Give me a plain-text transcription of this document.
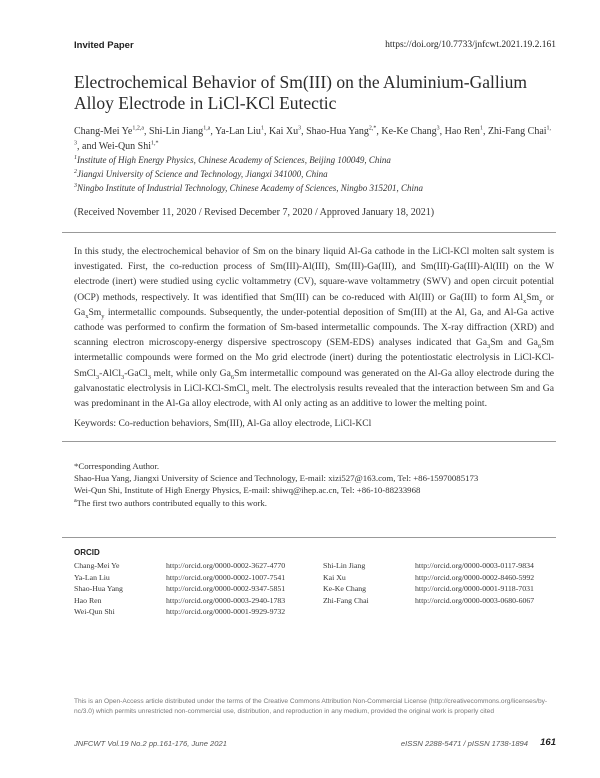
Invited Paper	https://doi.org/10.7733/jnfcwt.2021.19.2.161
Electrochemical Behavior of Sm(III) on the Aluminium-Gallium Alloy Electrode in LiCl-KCl Eutectic
Chang-Mei Ye$^{1,2,a}$, Shi-Lin Jiang$^{1,a}$, Ya-Lan Liu$^1$, Kai Xu$^3$, Shao-Hua Yang$^{2,*}$, Ke-Ke Chang$^3$, Hao Ren$^1$, Zhi-Fang Chai$^{1, 3}$, and Wei-Qun Shi$^{1,*}$
$^1$Institute of High Energy Physics, Chinese Academy of Sciences, Beijing 100049, China
$^2$Jiangxi University of Science and Technology, Jiangxi 341000, China
$^3$Ningbo Institute of Industrial Technology, Chinese Academy of Sciences, Ningbo 315201, China
(Received November 11, 2020 / Revised December 7, 2020 / Approved January 18, 2021)
In this study, the electrochemical behavior of Sm on the binary liquid Al-Ga cathode in the LiCl-KCl molten salt system is investigated. First, the co-reduction process of Sm(III)-Al(III), Sm(III)-Ga(III), and Sm(III)-Ga(III)-Al(III) on the W electrode (inert) were studied using cyclic voltammetry (CV), square-wave voltammetry (SWV) and open circuit potential (OCP) methods, respectively. It was identified that Sm(III) can be co-reduced with Al(III) or Ga(III) to form $Al_xSm_y$ or $Ga_xSm_y$ intermetallic compounds. Subsequently, the under-potential deposition of Sm(III) at the Al, Ga, and Al-Ga active cathode was performed to confirm the formation of Sm-based intermetallic compounds. The X-ray diffraction (XRD) and scanning electron microscopy-energy dispersive spectroscopy (SEM-EDS) analyses indicated that $Ga_3Sm$ and $Ga_6Sm$ intermetallic compounds were formed on the Mo grid electrode (inert) during the potentiostatic electrolysis in LiCl-KCl-SmCl$_3$-AlCl$_3$-GaCl$_3$ melt, while only $Ga_6Sm$ intermetallic compound was generated on the Al-Ga alloy electrode during the galvanostatic electrolysis in LiCl-KCl-SmCl$_3$ melt. The electrolysis results revealed that the interaction between Sm and Ga was predominant in the Al-Ga alloy electrode, with Al only acting as an additive to lower the melting point.
Keywords: Co-reduction behaviors, Sm(III), Al-Ga alloy electrode, LiCl-KCl
*Corresponding Author.
Shao-Hua Yang, Jiangxi University of Science and Technology, E-mail: xizi527@163.com, Tel: +86-15970085173
Wei-Qun Shi, Institute of High Energy Physics, E-mail: shiwq@ihep.ac.cn, Tel: +86-10-88233968
$^a$The first two authors contributed equally to this work.
ORCID
Chang-Mei Ye	http://orcid.org/0000-0002-3627-4770	Shi-Lin Jiang	http://orcid.org/0000-0003-0117-9834
Ya-Lan Liu	http://orcid.org/0000-0002-1007-7541	Kai Xu	http://orcid.org/0000-0002-8460-5992
Shao-Hua Yang	http://orcid.org/0000-0002-9347-5851	Ke-Ke Chang	http://orcid.org/0000-0001-9118-7031
Hao Ren	http://orcid.org/0000-0003-2940-1783	Zhi-Fang Chai	http://orcid.org/0000-0003-0680-6067
Wei-Qun Shi	http://orcid.org/0000-0001-9929-9732		
This is an Open-Access article distributed under the terms of the Creative Commons Attribution Non-Commercial License (http://creativecommons.org/licenses/by-nc/3.0) which permits unrestricted non-commercial use, distribution, and reproduction in any medium, provided the original work is properly cited
JNFCWT Vol.19 No.2 pp.161-176, June 2021	eISSN 2288-5471 / pISSN 1738-1894 161
